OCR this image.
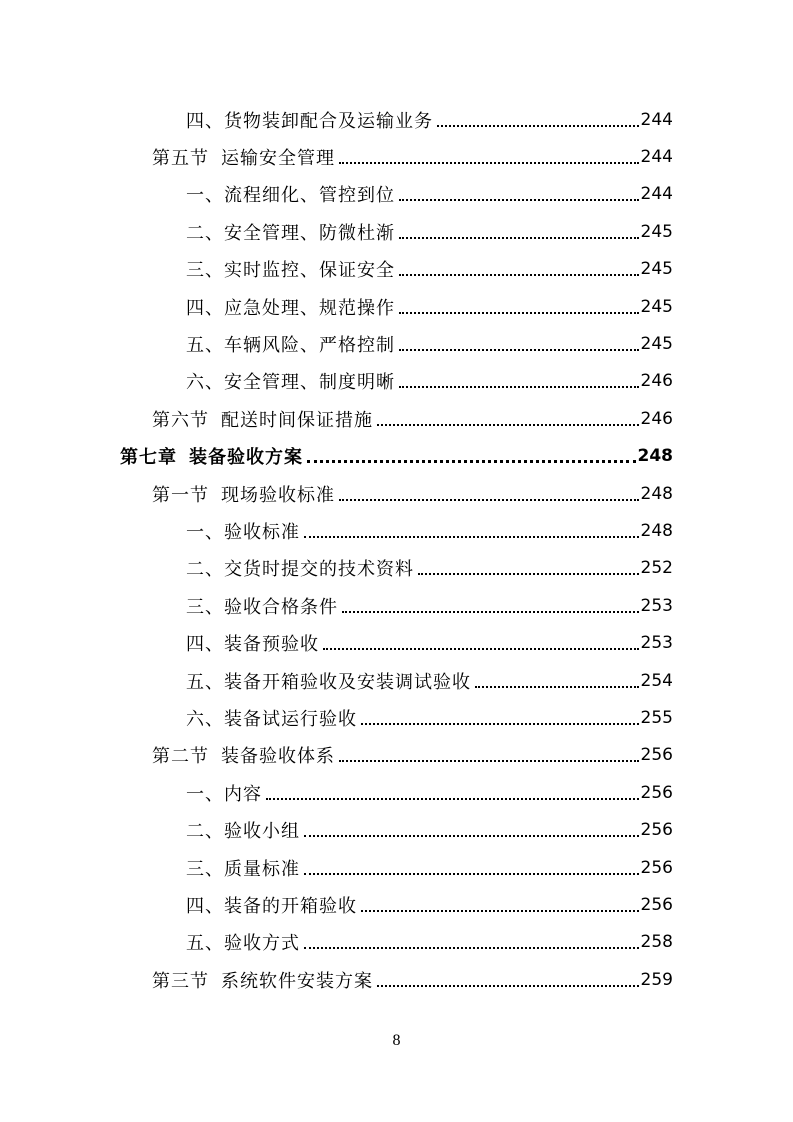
四、货物装卸配合及运输业务	244
第五节 运输安全管理	244
一、流程细化、管控到位	244
二、安全管理、防微杜渐	245
三、实时监控、保证安全	245
四、应急处理、规范操作	245
五、车辆风险、严格控制	245
六、安全管理、制度明晰	246
第六节 配送时间保证措施	246
第七章 装备验收方案	248
第一节 现场验收标准	248
一、验收标准	248
二、交货时提交的技术资料	252
三、验收合格条件	253
四、装备预验收	253
五、装备开箱验收及安装调试验收	254
六、装备试运行验收	255
第二节 装备验收体系	256
一、内容	256
二、验收小组	256
三、质量标准	256
四、装备的开箱验收	256
五、验收方式	258
第三节 系统软件安装方案	259
8
